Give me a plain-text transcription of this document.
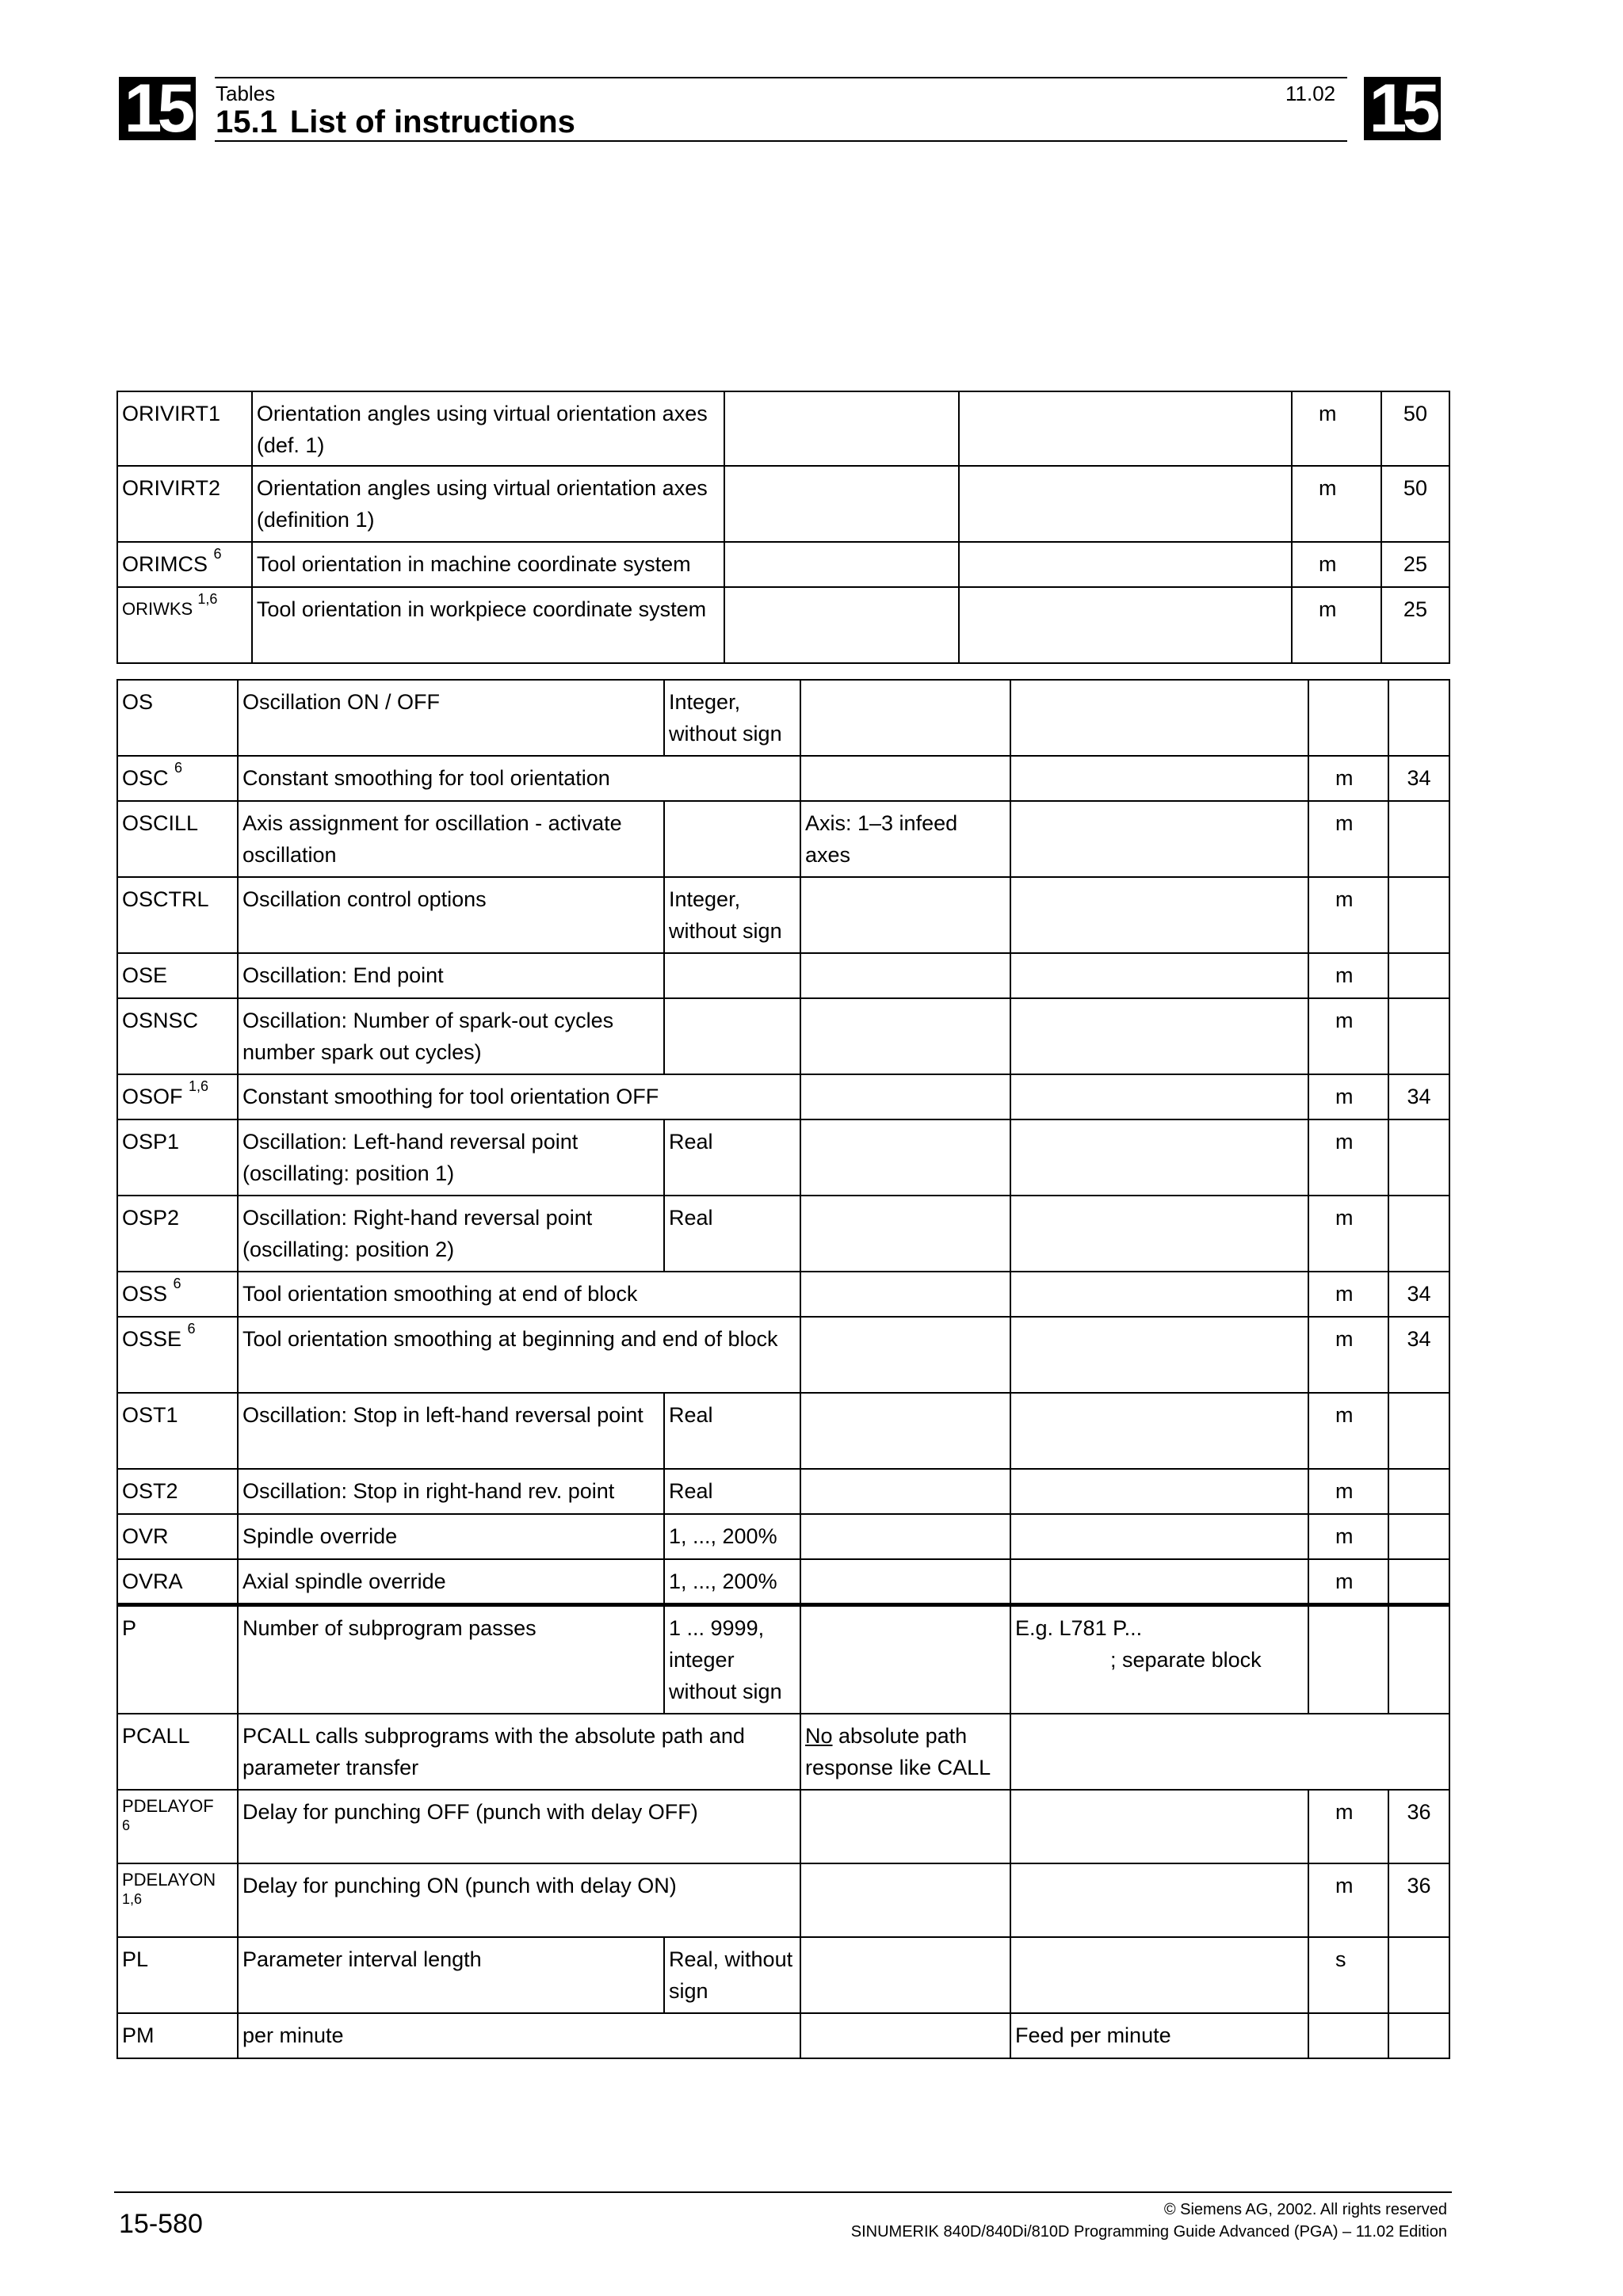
15	15
Tables	11.02
15.1 List of instructions
ORIVIRT1	Orientation angles using virtual orientation axes (def. 1)			m	50
ORIVIRT2	Orientation angles using virtual orientation axes (definition 1)			m	50
ORIMCS $^6$	Tool orientation in machine coordinate system			m	25
ORIWKS $^{1,6}$	Tool orientation in workpiece coordinate system			m	25
OS	Oscillation ON / OFF	Integer, without sign				
OSC $^6$	Constant smoothing for tool orientation				m	34
OSCILL	Axis assignment for oscillation - activate oscillation		Axis: 1–3 infeed axes		m	
OSCTRL	Oscillation control options	Integer, without sign			m	
OSE	Oscillation: End point				m	
OSNSC	Oscillation: Number of spark-out cycles number spark out cycles)				m	
OSOF $^{1,6}$	Constant smoothing for tool orientation OFF				m	34
OSP1	Oscillation: Left-hand reversal point (oscillating: position 1)	Real			m	
OSP2	Oscillation: Right-hand reversal point (oscillating: position 2)	Real			m	
OSS $^6$	Tool orientation smoothing at end of block				m	34
OSSE $^6$	Tool orientation smoothing at beginning and end of block				m	34
OST1	Oscillation: Stop in left-hand reversal point	Real			m	
OST2	Oscillation: Stop in right-hand rev. point	Real			m	
OVR	Spindle override	1, ..., 200%			m	
OVRA	Axial spindle override	1, ..., 200%			m	
P	Number of subprogram passes	1 ... 9999, integer without sign		E.g. L781 P...
; separate block		

PCALL	PCALL calls subprograms with the absolute path and parameter transfer		No absolute path response like CALL			

PDELAYOF
6	Delay for punching OFF (punch with delay OFF)				m	36

PDELAYON
1,6	Delay for punching ON (punch with delay ON)				m	36
PL	Parameter interval length	Real, without sign			s	
PM	per minute			Feed per minute		
15-580	© Siemens AG, 2002. All rights reserved
SINUMERIK 840D/840Di/810D Programming Guide Advanced (PGA) – 11.02 Edition
